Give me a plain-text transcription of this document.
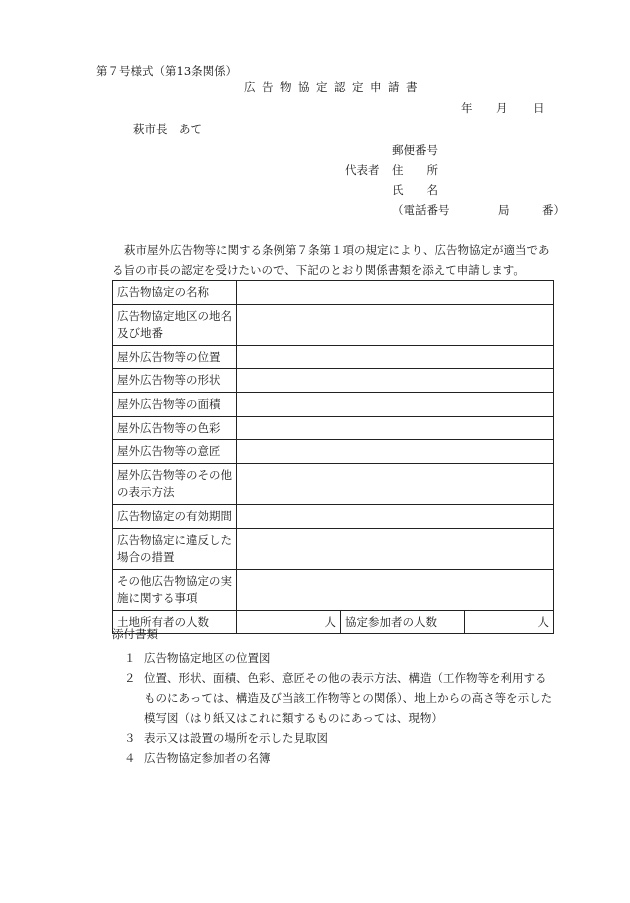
第７号様式（第13条関係）
広告物協定認定申請書
年 月 日
萩市長　あて
郵便番号
代表者 住　　所
氏　　名
（電話番号	局	番）
萩市屋外広告物等に関する条例第７条第１項の規定により、広告物協定が適当である旨の市長の認定を受けたいので、下記のとおり関係書類を添えて申請します。
広告物協定の名称			
広告物協定地区の地名及び地番			
屋外広告物等の位置			
屋外広告物等の形状			
屋外広告物等の面積			
屋外広告物等の色彩			
屋外広告物等の意匠			
屋外広告物等のその他の表示方法			
広告物協定の有効期間			
広告物協定に違反した場合の措置			
その他広告物協定の実施に関する事項			
土地所有者の人数	人	協定参加者の人数	人
添付書類
１ 広告物協定地区の位置図
２ 位置、形状、面積、色彩、意匠その他の表示方法、構造（工作物等を利用するものにあっては、構造及び当該工作物等との関係）、地上からの高さ等を示した模写図（はり紙又はこれに類するものにあっては、現物）
３ 表示又は設置の場所を示した見取図
４ 広告物協定参加者の名簿
